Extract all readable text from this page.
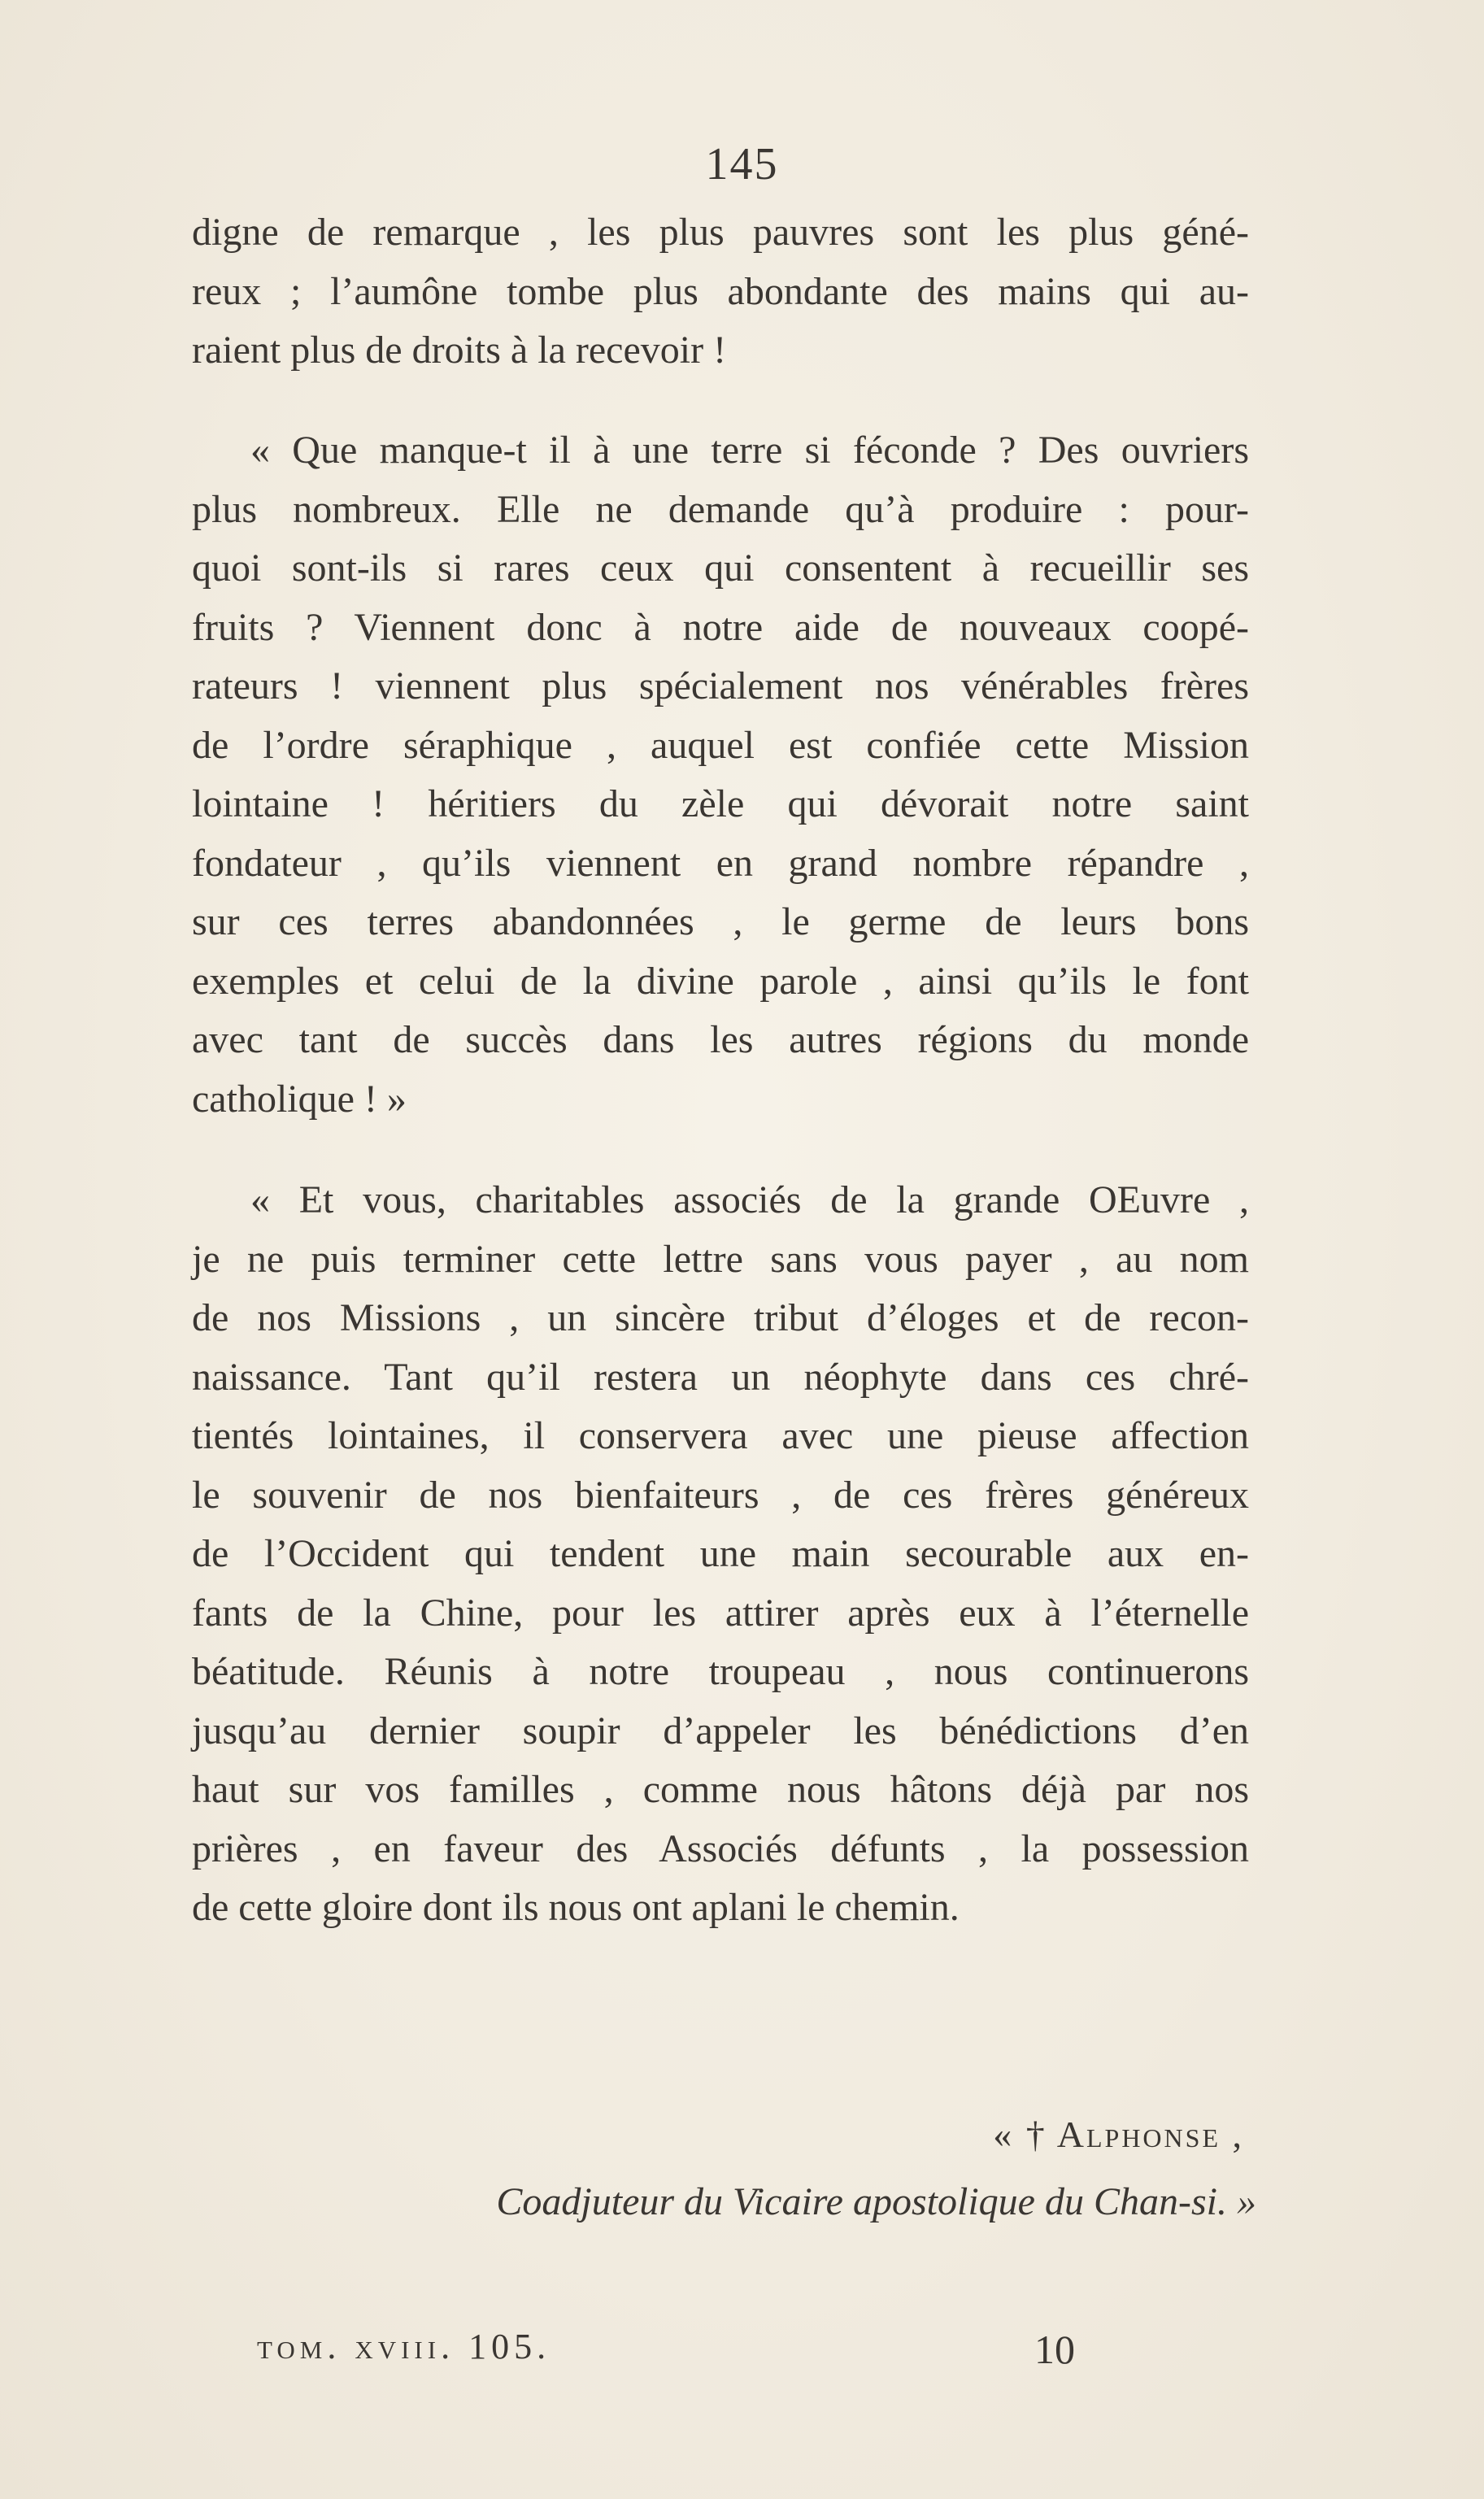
145
digne de remarque , les plus pauvres sont les plus géné-
reux ; l’aumône tombe plus abondante des mains qui au-
raient plus de droits à la recevoir !
« Que manque-t il à une terre si féconde ? Des ouvriers
plus nombreux. Elle ne demande qu’à produire : pour-
quoi sont-ils si rares ceux qui consentent à recueillir ses
fruits ? Viennent donc à notre aide de nouveaux coopé-
rateurs ! viennent plus spécialement nos vénérables frères
de l’ordre séraphique , auquel est confiée cette Mission
lointaine ! héritiers du zèle qui dévorait notre saint
fondateur , qu’ils viennent en grand nombre répandre ,
sur ces terres abandonnées , le germe de leurs bons
exemples et celui de la divine parole , ainsi qu’ils le font
avec tant de succès dans les autres régions du monde
catholique ! »
« Et vous, charitables associés de la grande OEuvre ,
je ne puis terminer cette lettre sans vous payer , au nom
de nos Missions , un sincère tribut d’éloges et de recon-
naissance. Tant qu’il restera un néophyte dans ces chré-
tientés lointaines, il conservera avec une pieuse affection
le souvenir de nos bienfaiteurs , de ces frères généreux
de l’Occident qui tendent une main secourable aux en-
fants de la Chine, pour les attirer après eux à l’éternelle
béatitude. Réunis à notre troupeau , nous continuerons
jusqu’au dernier soupir d’appeler les bénédictions d’en
haut sur vos familles , comme nous hâtons déjà par nos
prières , en faveur des Associés défunts , la possession
de cette gloire dont ils nous ont aplani le chemin.
« † Alphonse ,
Coadjuteur du Vicaire apostolique du Chan-si. »
tom. xviii. 105.	10
